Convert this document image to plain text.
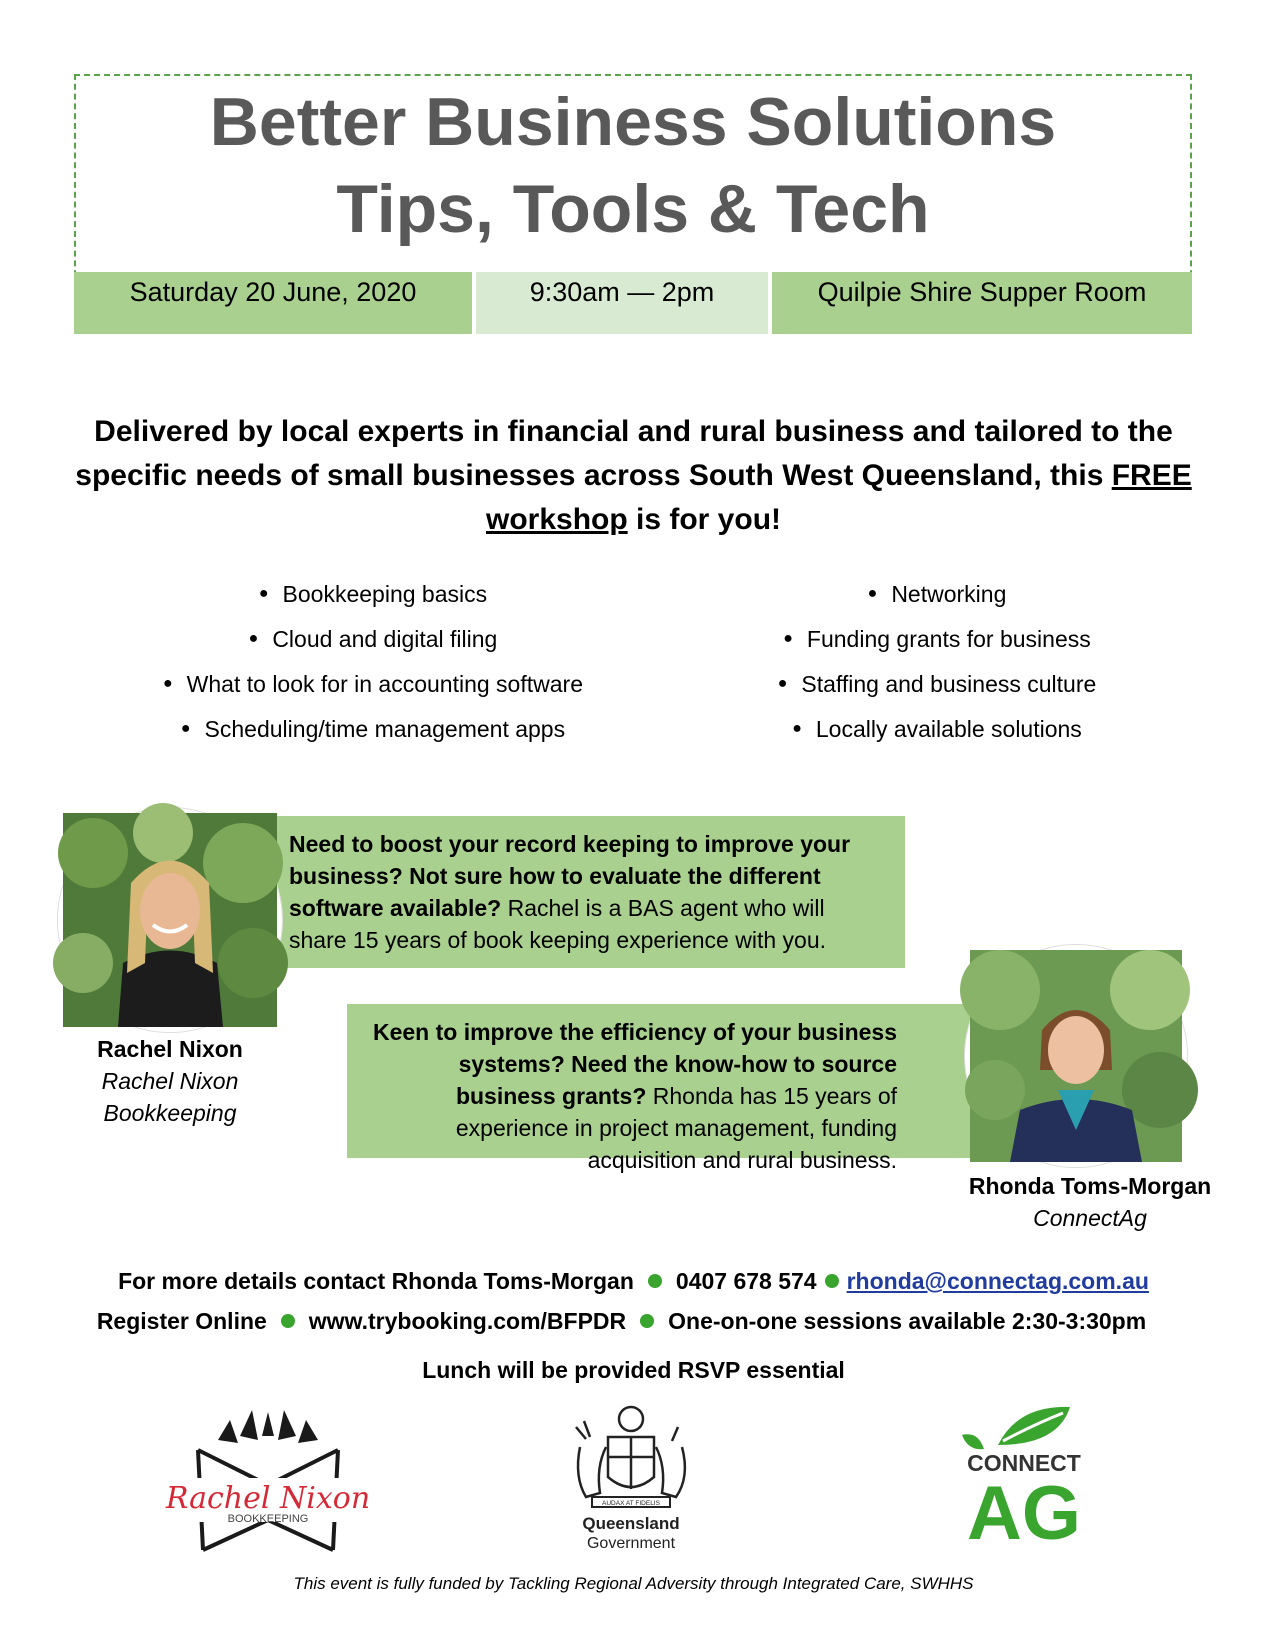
Better Business Solutions
Tips, Tools & Tech
Saturday 20 June, 2020	9:30am — 2pm	Quilpie Shire Supper Room
Delivered by local experts in financial and rural business and tailored to the specific needs of small businesses across South West Queensland, this FREE workshop is for you!
● Bookkeeping basics
● Cloud and digital filing
● What to look for in accounting software
● Scheduling/time management apps
● Networking
● Funding grants for business
● Staffing and business culture
● Locally available solutions
Need to boost your record keeping to improve your business? Not sure how to evaluate the different software available? Rachel is a BAS agent who will share 15 years of book keeping experience with you.
Rachel Nixon
Rachel Nixon
Bookkeeping
Keen to improve the efficiency of your business systems? Need the know-how to source business grants? Rhonda has 15 years of experience in project management, funding acquisition and rural business.
Rhonda Toms-Morgan
ConnectAg
For more details contact Rhonda Toms-Morgan 0407 678 574 rhonda@connectag.com.au
Register Online www.trybooking.com/BFPDR One-on-one sessions available 2:30-3:30pm
Lunch will be provided RSVP essential
Rachel Nixon
BOOKKEEPING
AUDAX AT FIDELIS
Queensland
Government
CONNECT
AG
This event is fully funded by Tackling Regional Adversity through Integrated Care, SWHHS
